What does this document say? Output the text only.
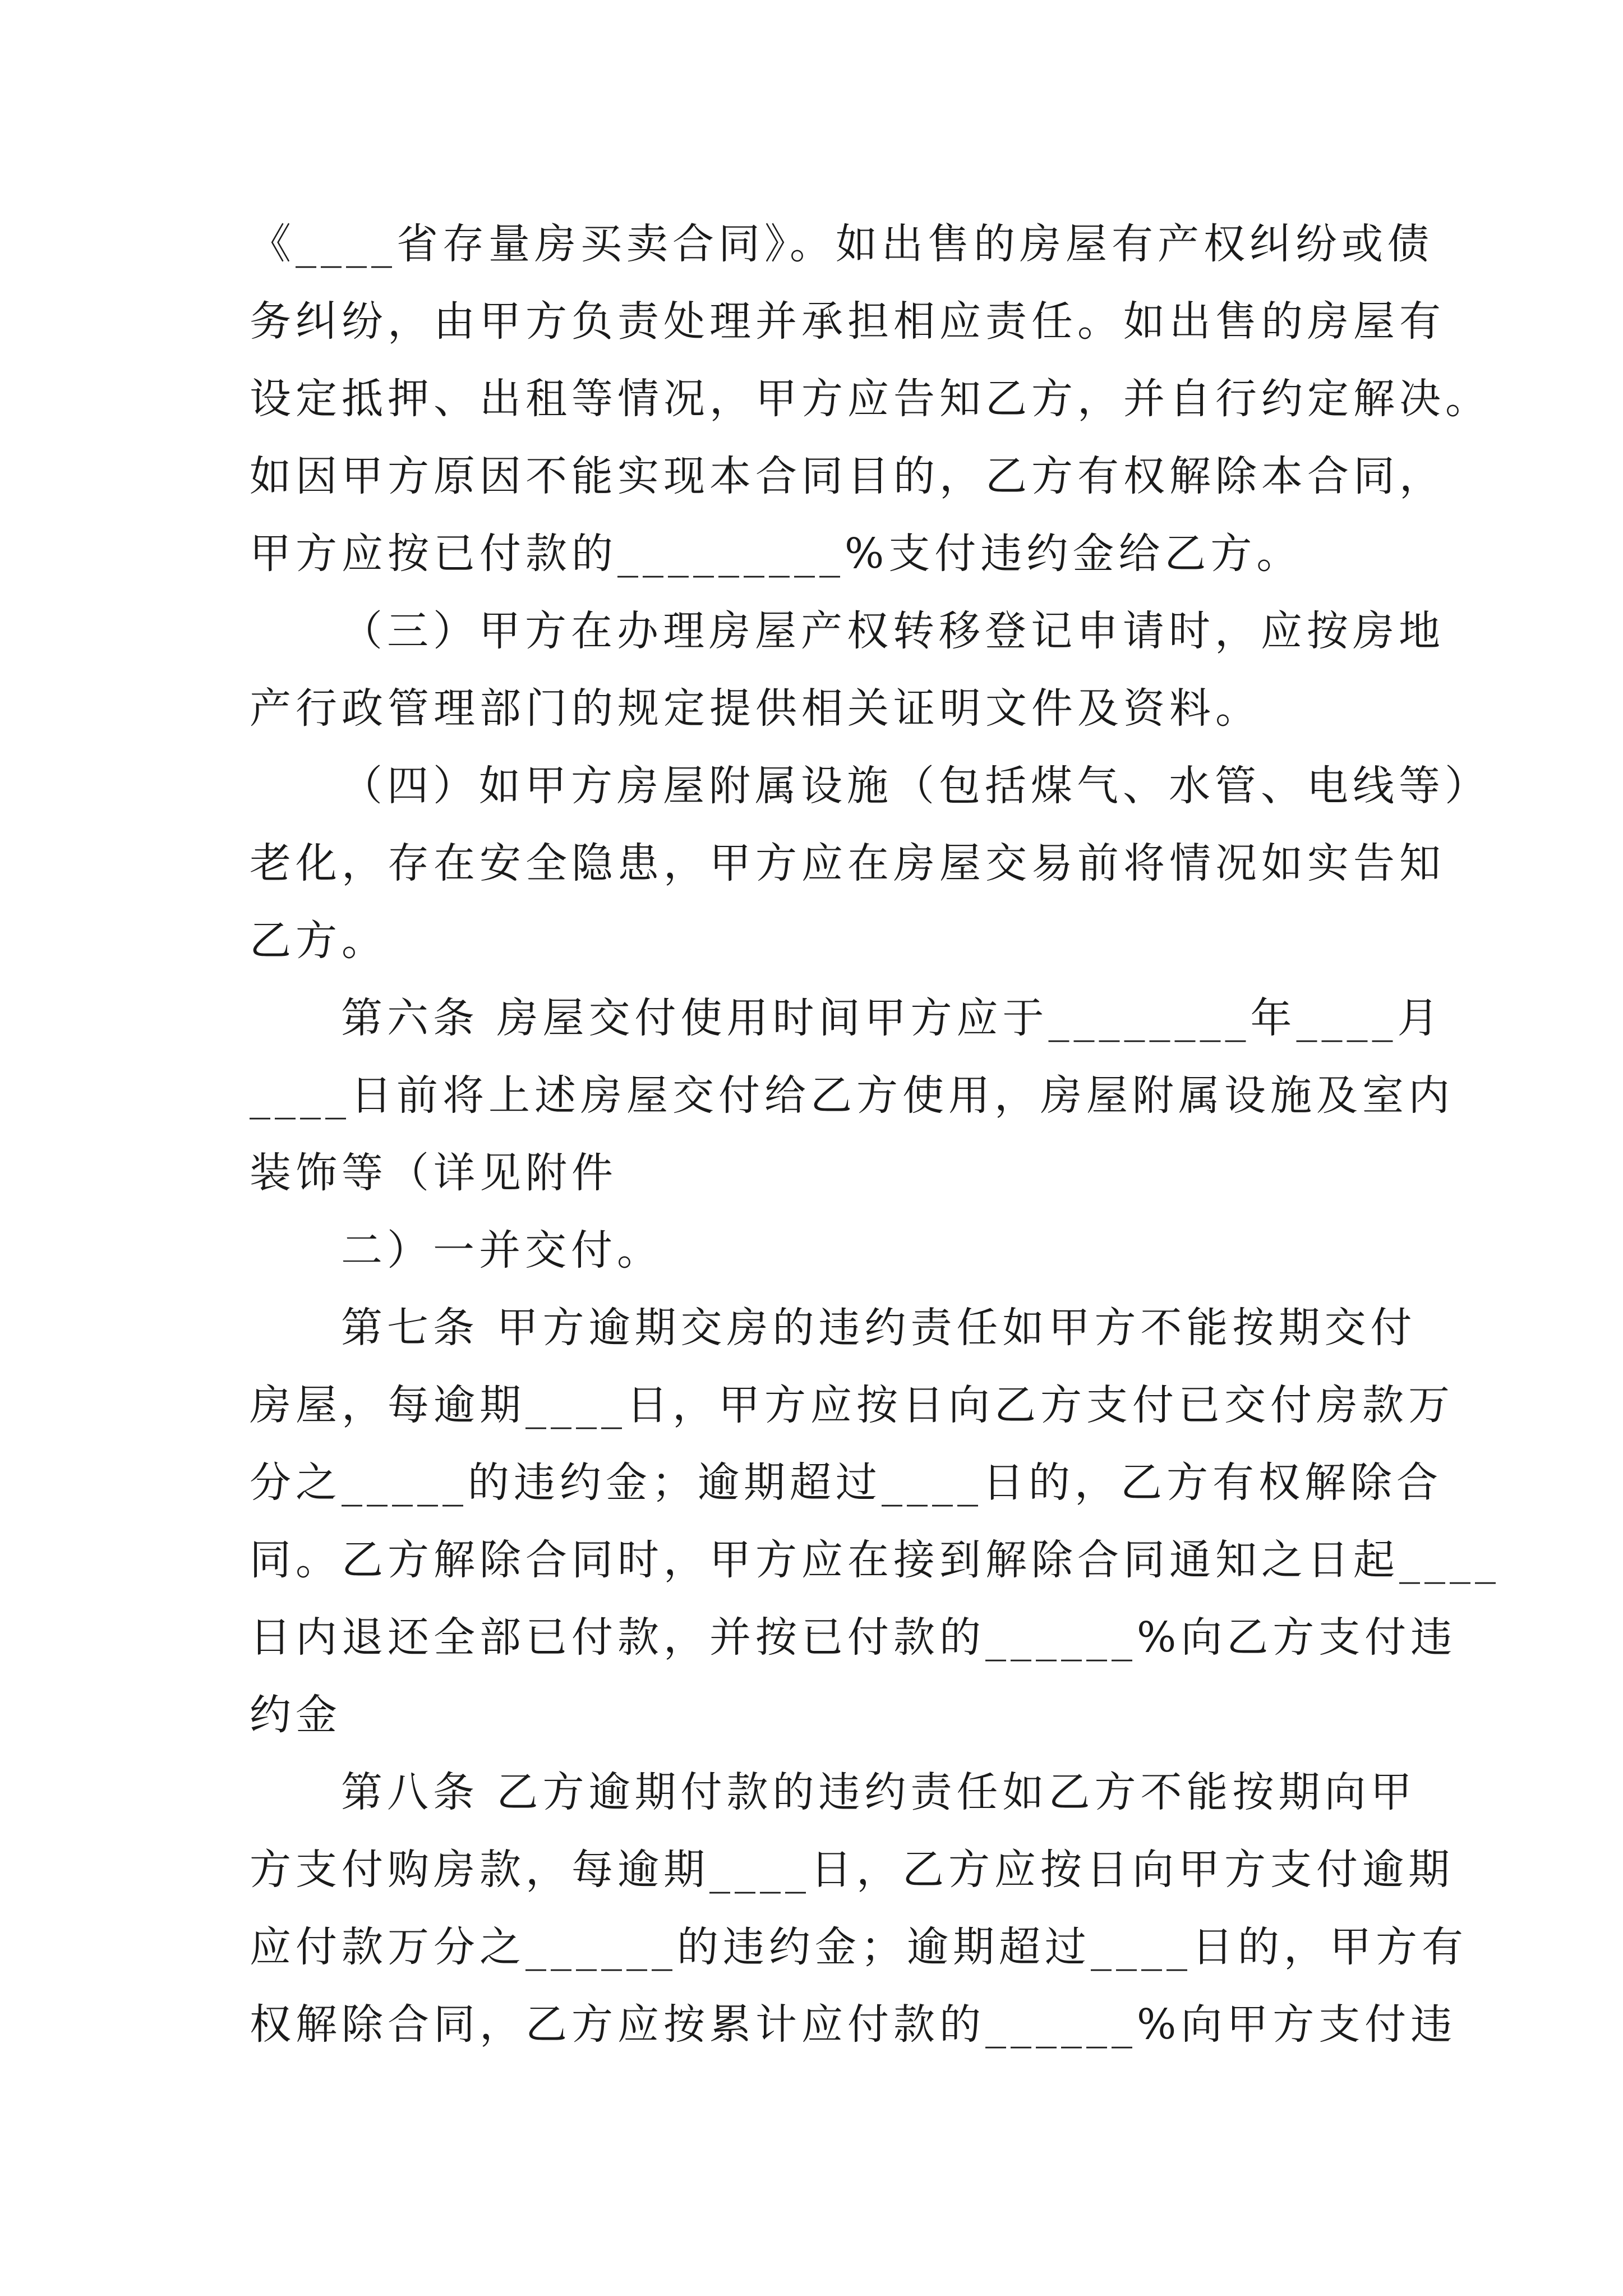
《____省存量房买卖合同》。如出售的房屋有产权纠纷或债
务纠纷，由甲方负责处理并承担相应责任。如出售的房屋有
设定抵押、出租等情况，甲方应告知乙方，并自行约定解决。
如因甲方原因不能实现本合同目的，乙方有权解除本合同，
甲方应按已付款的_________%支付违约金给乙方。
（三）甲方在办理房屋产权转移登记申请时，应按房地
产行政管理部门的规定提供相关证明文件及资料。
（四）如甲方房屋附属设施（包括煤气、水管、电线等）
老化，存在安全隐患，甲方应在房屋交易前将情况如实告知
乙方。
第六条 房屋交付使用时间甲方应于________年____月
____日前将上述房屋交付给乙方使用，房屋附属设施及室内
装饰等（详见附件
二）一并交付。
第七条 甲方逾期交房的违约责任如甲方不能按期交付
房屋，每逾期____日，甲方应按日向乙方支付已交付房款万
分之_____的违约金；逾期超过____日的，乙方有权解除合
同。乙方解除合同时，甲方应在接到解除合同通知之日起____
日内退还全部已付款，并按已付款的______%向乙方支付违
约金
第八条 乙方逾期付款的违约责任如乙方不能按期向甲
方支付购房款，每逾期____日，乙方应按日向甲方支付逾期
应付款万分之______的违约金；逾期超过____日的，甲方有
权解除合同，乙方应按累计应付款的______%向甲方支付违
